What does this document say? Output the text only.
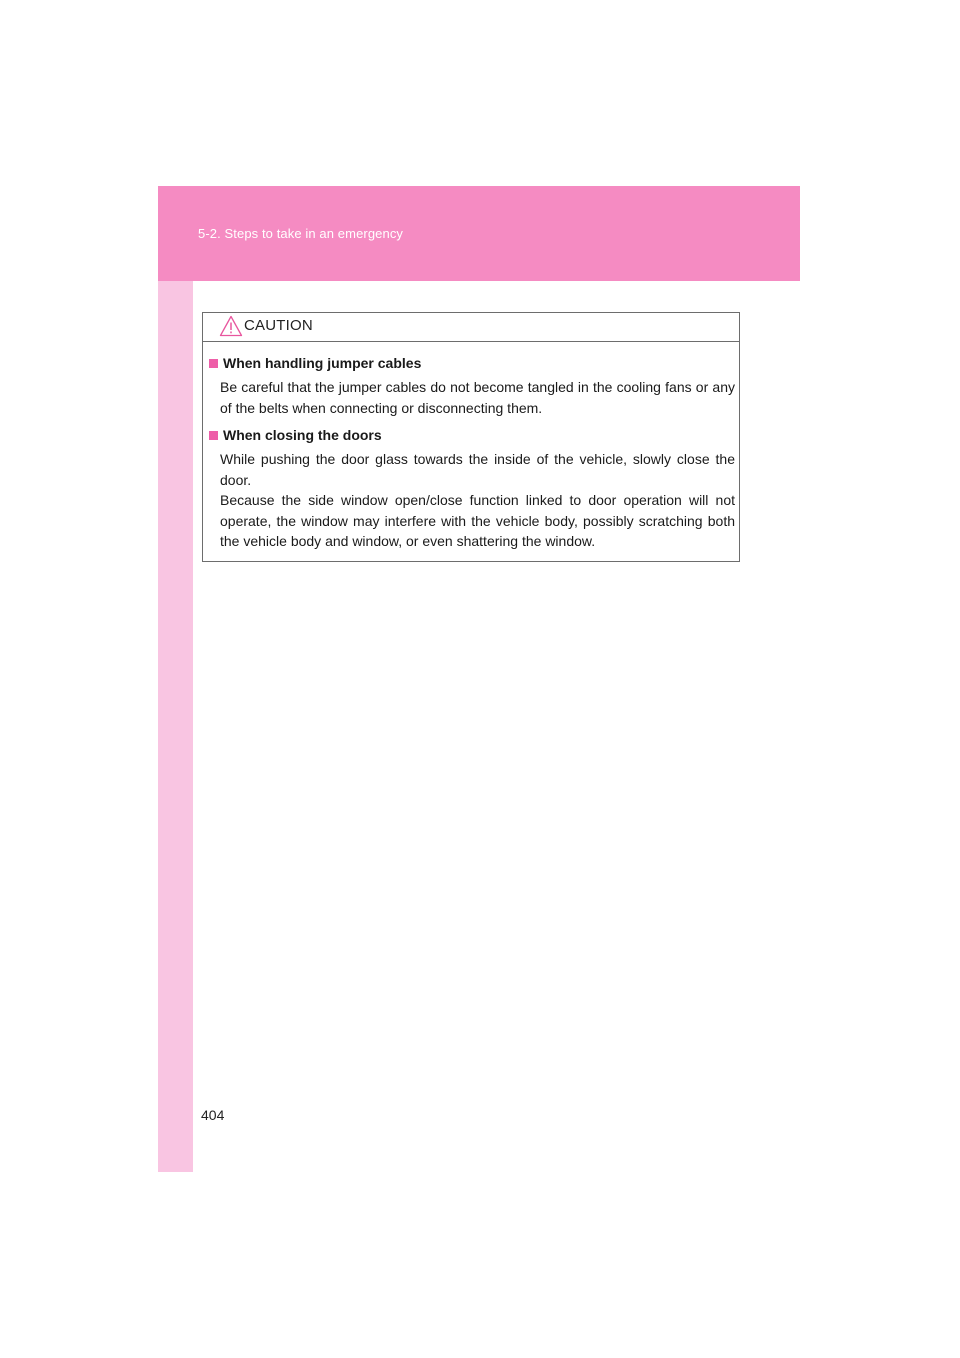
5-2. Steps to take in an emergency
CAUTION
When handling jumper cables

Be careful that the jumper cables do not become tangled in the cooling fans or any of the belts when connecting or disconnecting them.

When closing the doors

While pushing the door glass towards the inside of the vehicle, slowly close the door.

Because the side window open/close function linked to door operation will not operate, the window may interfere with the vehicle body, possibly scratching both the vehicle body and window, or even shattering the window.

404
